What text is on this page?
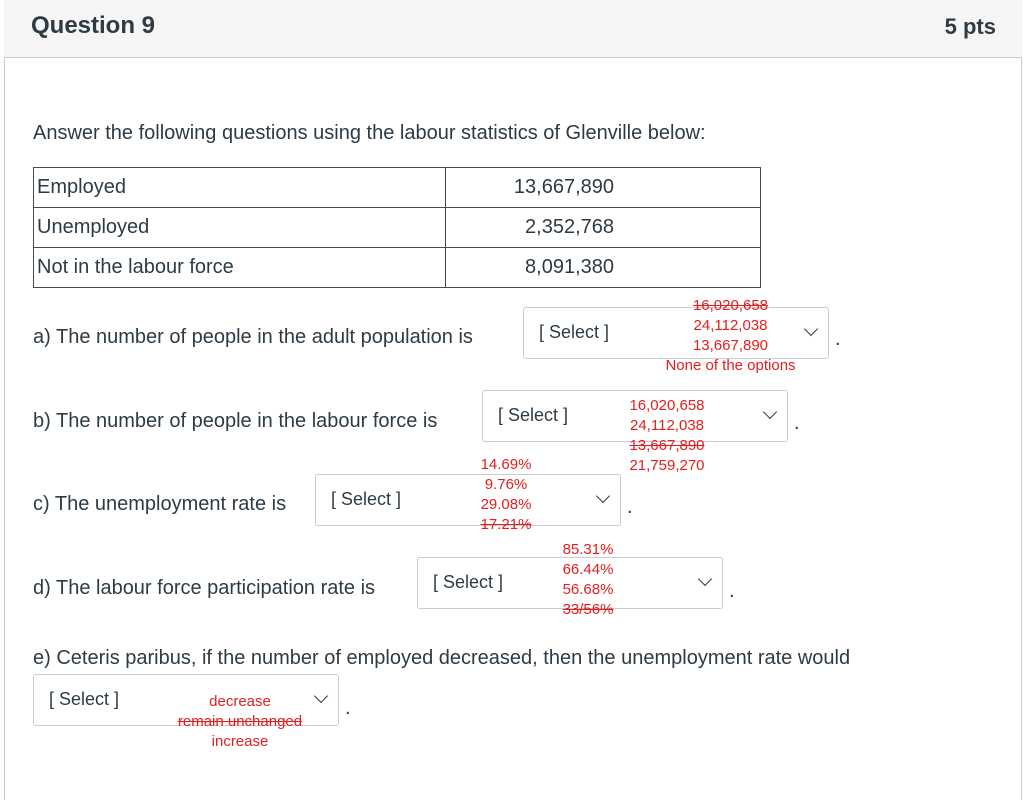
Question 9	5 pts
Answer the following questions using the labour statistics of Glenville below:
Employed	13,667,890
Unemployed	2,352,768
Not in the labour force	8,091,380
a) The number of people in the adult population is	[ Select ]	.
16,020,658
24,112,038
13,667,890
None of the options
b) The number of people in the labour force is	[ Select ]	.
16,020,658
24,112,038
13,667,890
21,759,270
c) The unemployment rate is [ Select ]	.
14.69%
9.76%
29.08%
17.21%
d) The labour force participation rate is	[ Select ]	.
85.31%
66.44%
56.68%
33/56%
e) Ceteris paribus, if the number of employed decreased, then the unemployment rate would
[ Select ]	.
decrease
remain unchanged
increase
